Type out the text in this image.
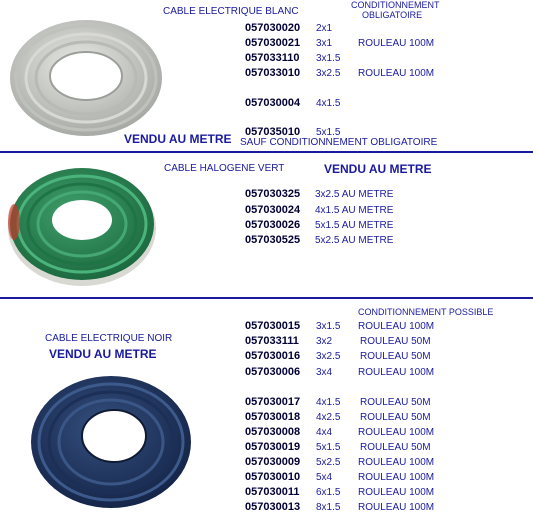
CABLE ELECTRIQUE BLANC
CONDITIONNEMENT
OBLIGATOIRE
057030020	2x1
057030021	3x1	ROULEAU 100M
057033110	3x1.5
057033010	3x2.5 ROULEAU 100M
057030004	4x1.5
057035010	5x1.5
VENDU AU METRE SAUF CONDITIONNEMENT OBLIGATOIRE
CABLE HALOGENE VERT	VENDU AU METRE
057030325	3x2.5 AU METRE
057030024	4x1.5 AU METRE
057030026	5x1.5 AU METRE
057030525	5x2.5 AU METRE
CABLE ELECTRIQUE NOIR
VENDU AU METRE
CONDITIONNEMENT POSSIBLE
057030015	3x1.5 ROULEAU 100M
057033111	3x2	ROULEAU 50M
057030016	3x2.5 ROULEAU 50M
057030006	3x4	ROULEAU 100M
057030017	4x1.5 ROULEAU 50M
057030018	4x2.5 ROULEAU 50M
057030008	4x4	ROULEAU 100M
057030019	5x1.5 ROULEAU 50M
057030009	5x2.5 ROULEAU 100M
057030010	5x4	ROULEAU 100M
057030011	6x1.5 ROULEAU 100M
057030013	8x1.5 ROULEAU 100M
